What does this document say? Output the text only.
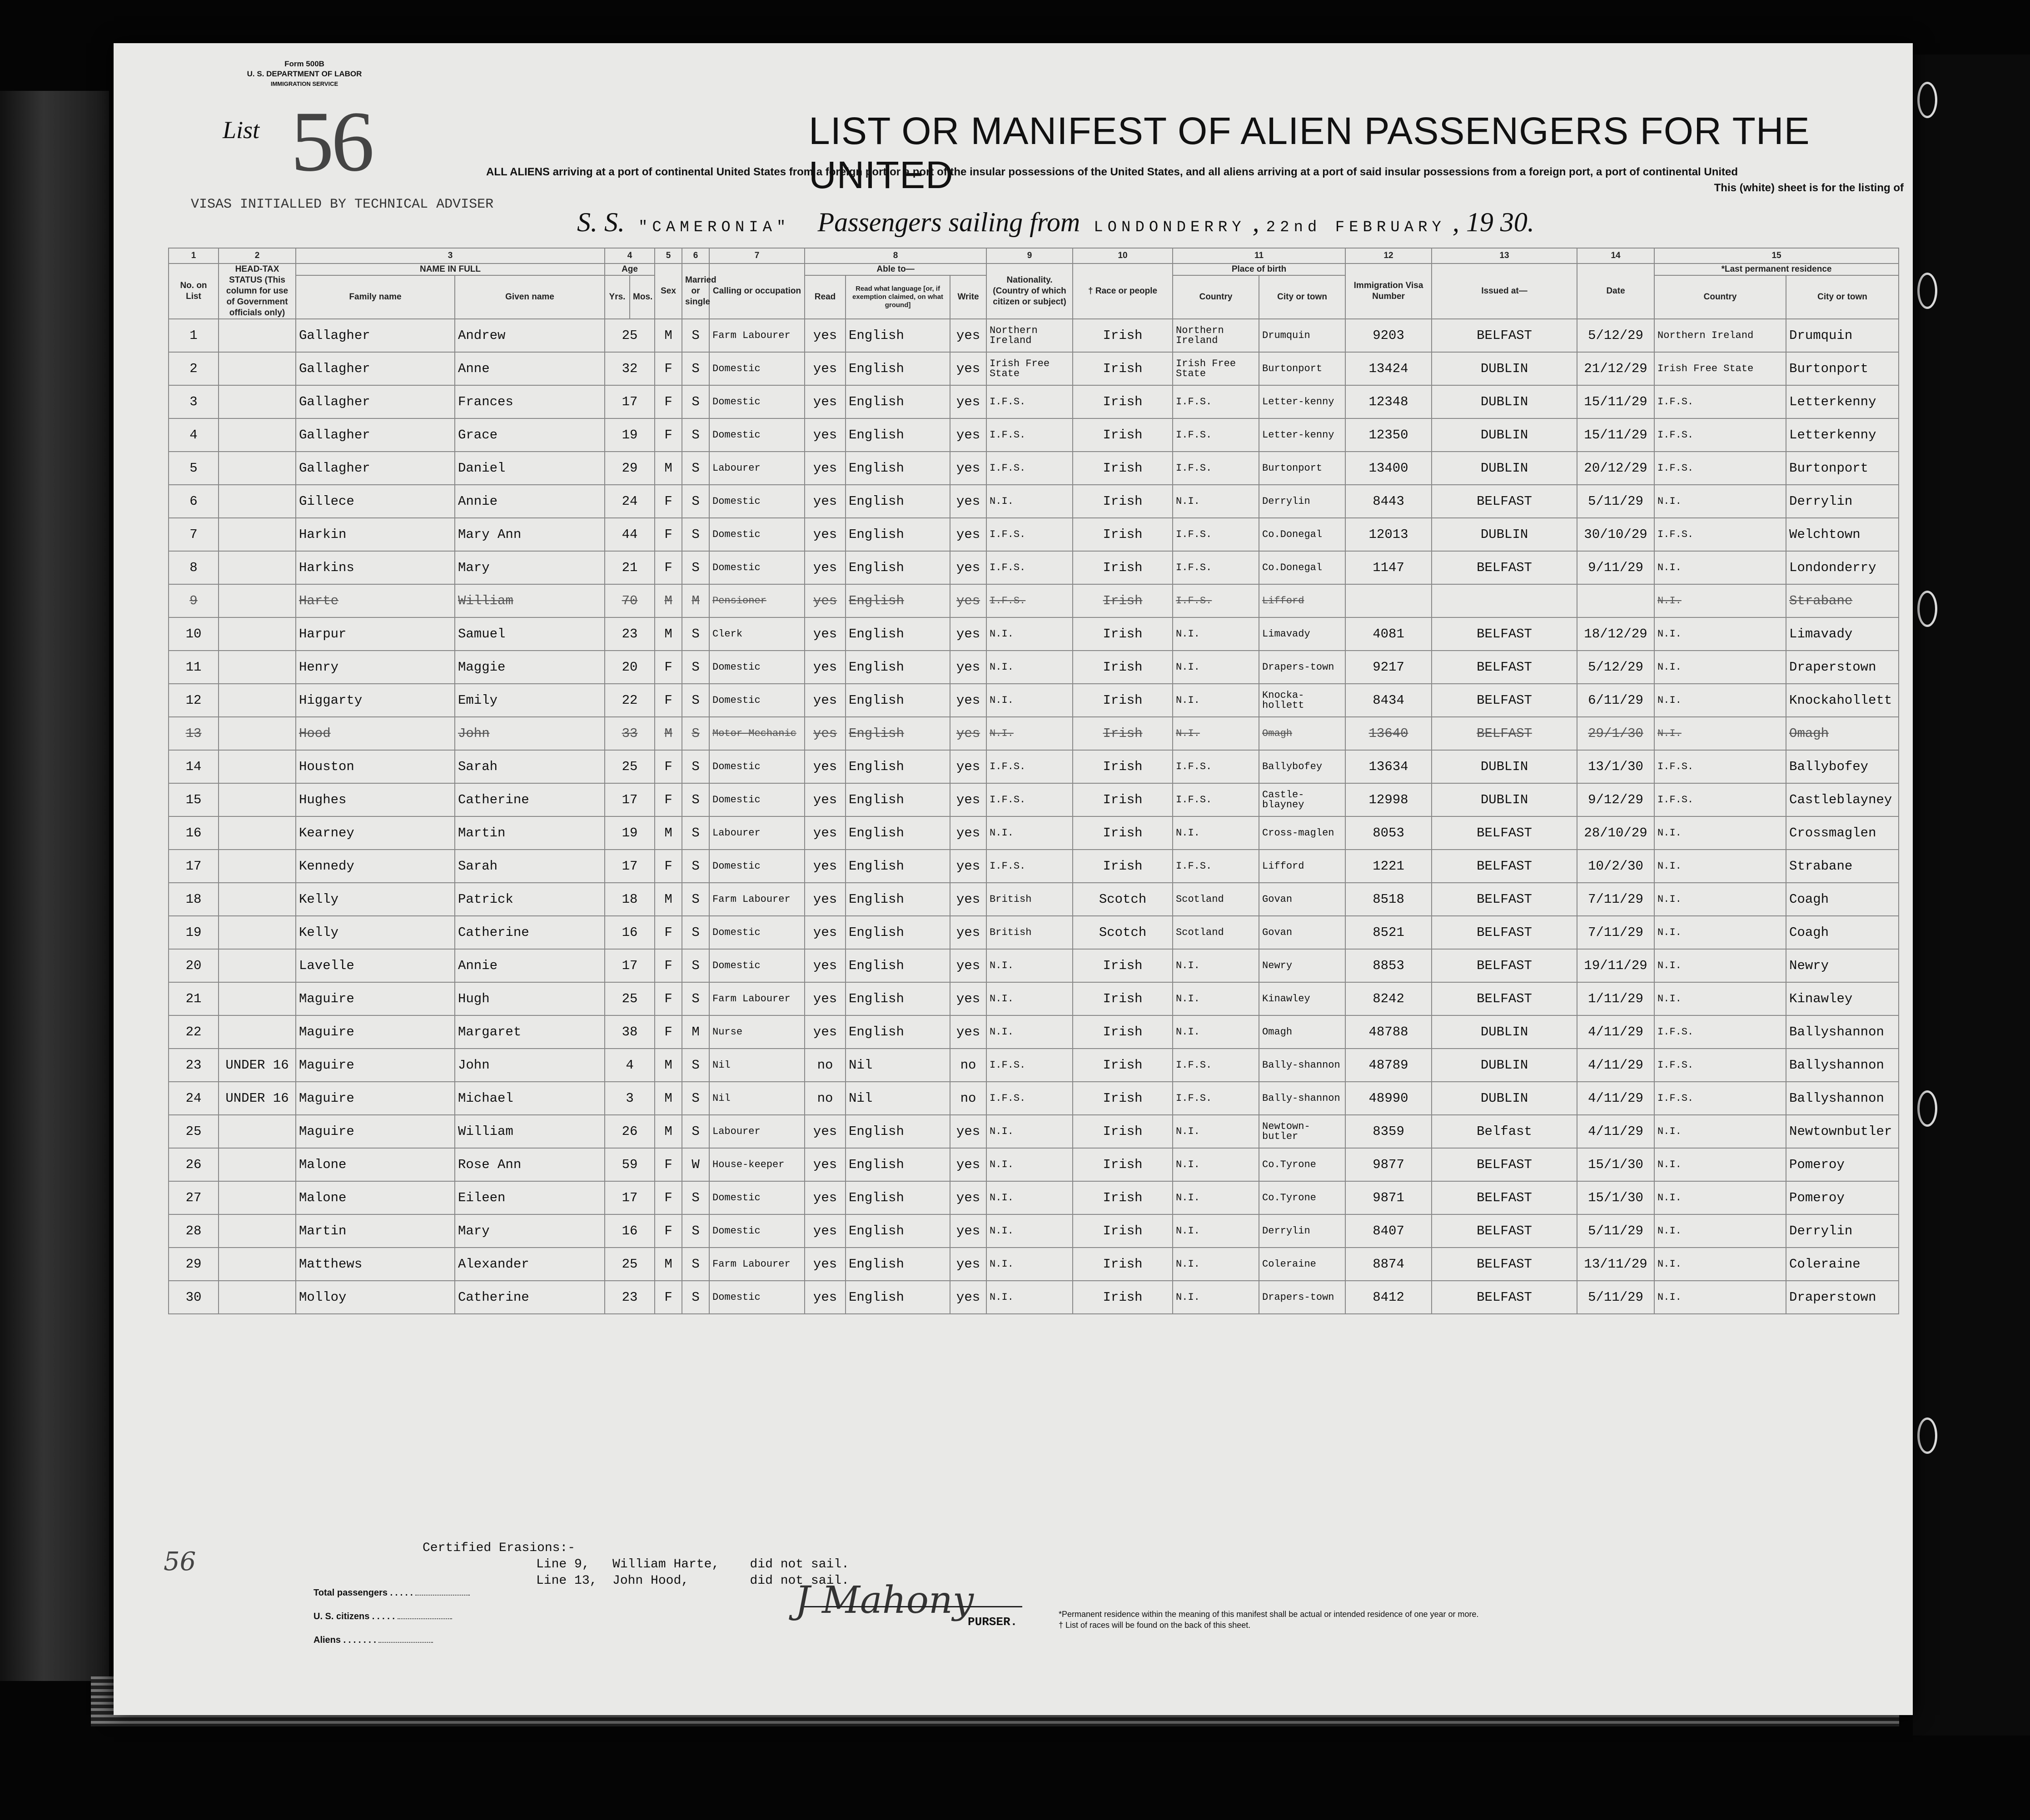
Form 500B
U. S. DEPARTMENT OF LABOR
IMMIGRATION SERVICE
List 56
VISAS INITIALLED BY TECHNICAL ADVISER
LIST OR MANIFEST OF ALIEN PASSENGERS FOR THE UNITED
ALL ALIENS arriving at a port of continental United States from a foreign port or a port of the insular possessions of the United States, and all aliens arriving at a port of said insular possessions from a foreign port, a port of continental United
This (white) sheet is for the listing of
S. S. "CAMERONIA" Passengers sailing from LONDONDERRY , 22nd FEBRUARY , 19 30.
1	2	3		4		5	6	7	8			9	10	11		12	13	14	15	
No. on List	HEAD-TAX STATUS (This column for use of Government officials only)	NAME IN FULL		Age		Sex	Married or single	Calling or occupation	Able to—			Nationality. (Country of which citizen or subject)	† Race or people	Place of birth		Immigration Visa Number	Issued at—	Date	*Last permanent residence	
		Family name	Given name	Yrs.	Mos.				Read	Read what language [or, if exemption claimed, on what ground]	Write			Country	City or town				Country	City or town

1		Gallagher	Andrew	25		M	S	Farm Labourer	yes	English	yes	Northern Ireland	Irish	Northern Ireland	Drumquin	9203	BELFAST	5/12/29	Northern Ireland	Drumquin
2		Gallagher	Anne	32		F	S	Domestic	yes	English	yes	Irish Free State	Irish	Irish Free State	Burtonport	13424	DUBLIN	21/12/29	Irish Free State	Burtonport
3		Gallagher	Frances	17		F	S	Domestic	yes	English	yes	I.F.S.	Irish	I.F.S.	Letter-kenny	12348	DUBLIN	15/11/29	I.F.S.	Letterkenny
4		Gallagher	Grace	19		F	S	Domestic	yes	English	yes	I.F.S.	Irish	I.F.S.	Letter-kenny	12350	DUBLIN	15/11/29	I.F.S.	Letterkenny
5		Gallagher	Daniel	29		M	S	Labourer	yes	English	yes	I.F.S.	Irish	I.F.S.	Burtonport	13400	DUBLIN	20/12/29	I.F.S.	Burtonport
6		Gillece	Annie	24		F	S	Domestic	yes	English	yes	N.I.	Irish	N.I.	Derrylin	8443	BELFAST	5/11/29	N.I.	Derrylin
7		Harkin	Mary Ann	44		F	S	Domestic	yes	English	yes	I.F.S.	Irish	I.F.S.	Co.Donegal	12013	DUBLIN	30/10/29	I.F.S.	Welchtown
8		Harkins	Mary	21		F	S	Domestic	yes	English	yes	I.F.S.	Irish	I.F.S.	Co.Donegal	1147	BELFAST	9/11/29	N.I.	Londonderry
9		Harte	William	70		M	M	Pensioner	yes	English	yes	I.F.S.	Irish	I.F.S.	Lifford				N.I.	Strabane
10		Harpur	Samuel	23		M	S	Clerk	yes	English	yes	N.I.	Irish	N.I.	Limavady	4081	BELFAST	18/12/29	N.I.	Limavady
11		Henry	Maggie	20		F	S	Domestic	yes	English	yes	N.I.	Irish	N.I.	Drapers-town	9217	BELFAST	5/12/29	N.I.	Draperstown
12		Higgarty	Emily	22		F	S	Domestic	yes	English	yes	N.I.	Irish	N.I.	Knocka-hollett	8434	BELFAST	6/11/29	N.I.	Knockahollett
13		Hood	John	33		M	S	Motor-Mechanic	yes	English	yes	N.I.	Irish	N.I.	Omagh	13640	BELFAST	29/1/30	N.I.	Omagh
14		Houston	Sarah	25		F	S	Domestic	yes	English	yes	I.F.S.	Irish	I.F.S.	Ballybofey	13634	DUBLIN	13/1/30	I.F.S.	Ballybofey
15		Hughes	Catherine	17		F	S	Domestic	yes	English	yes	I.F.S.	Irish	I.F.S.	Castle-blayney	12998	DUBLIN	9/12/29	I.F.S.	Castleblayney
16		Kearney	Martin	19		M	S	Labourer	yes	English	yes	N.I.	Irish	N.I.	Cross-maglen	8053	BELFAST	28/10/29	N.I.	Crossmaglen
17		Kennedy	Sarah	17		F	S	Domestic	yes	English	yes	I.F.S.	Irish	I.F.S.	Lifford	1221	BELFAST	10/2/30	N.I.	Strabane
18		Kelly	Patrick	18		M	S	Farm Labourer	yes	English	yes	British	Scotch	Scotland	Govan	8518	BELFAST	7/11/29	N.I.	Coagh
19		Kelly	Catherine	16		F	S	Domestic	yes	English	yes	British	Scotch	Scotland	Govan	8521	BELFAST	7/11/29	N.I.	Coagh
20		Lavelle	Annie	17		F	S	Domestic	yes	English	yes	N.I.	Irish	N.I.	Newry	8853	BELFAST	19/11/29	N.I.	Newry
21		Maguire	Hugh	25		F	S	Farm Labourer	yes	English	yes	N.I.	Irish	N.I.	Kinawley	8242	BELFAST	1/11/29	N.I.	Kinawley
22		Maguire	Margaret	38		F	M	Nurse	yes	English	yes	N.I.	Irish	N.I.	Omagh	48788	DUBLIN	4/11/29	I.F.S.	Ballyshannon
23	UNDER 16	Maguire	John	4		M	S	Nil	no	Nil	no	I.F.S.	Irish	I.F.S.	Bally-shannon	48789	DUBLIN	4/11/29	I.F.S.	Ballyshannon
24	UNDER 16	Maguire	Michael	3		M	S	Nil	no	Nil	no	I.F.S.	Irish	I.F.S.	Bally-shannon	48990	DUBLIN	4/11/29	I.F.S.	Ballyshannon
25		Maguire	William	26		M	S	Labourer	yes	English	yes	N.I.	Irish	N.I.	Newtown-butler	8359	Belfast	4/11/29	N.I.	Newtownbutler
26		Malone	Rose Ann	59		F	W	House-keeper	yes	English	yes	N.I.	Irish	N.I.	Co.Tyrone	9877	BELFAST	15/1/30	N.I.	Pomeroy
27		Malone	Eileen	17		F	S	Domestic	yes	English	yes	N.I.	Irish	N.I.	Co.Tyrone	9871	BELFAST	15/1/30	N.I.	Pomeroy
28		Martin	Mary	16		F	S	Domestic	yes	English	yes	N.I.	Irish	N.I.	Derrylin	8407	BELFAST	5/11/29	N.I.	Derrylin
29		Matthews	Alexander	25		M	S	Farm Labourer	yes	English	yes	N.I.	Irish	N.I.	Coleraine	8874	BELFAST	13/11/29	N.I.	Coleraine
30		Molloy	Catherine	23		F	S	Domestic	yes	English	yes	N.I.	Irish	N.I.	Drapers-town	8412	BELFAST	5/11/29	N.I.	Draperstown
56	Certified Erasions:-
Line 9,   William Harte,    did not sail.
Line 13,  John Hood,        did not sail.
Total passengers . . . . .
U. S. citizens . . . . .
Aliens . . . . . . .
J Mahony
PURSER.
*Permanent residence within the meaning of this manifest shall be actual or intended residence of one year or more.
† List of races will be found on the back of this sheet.
